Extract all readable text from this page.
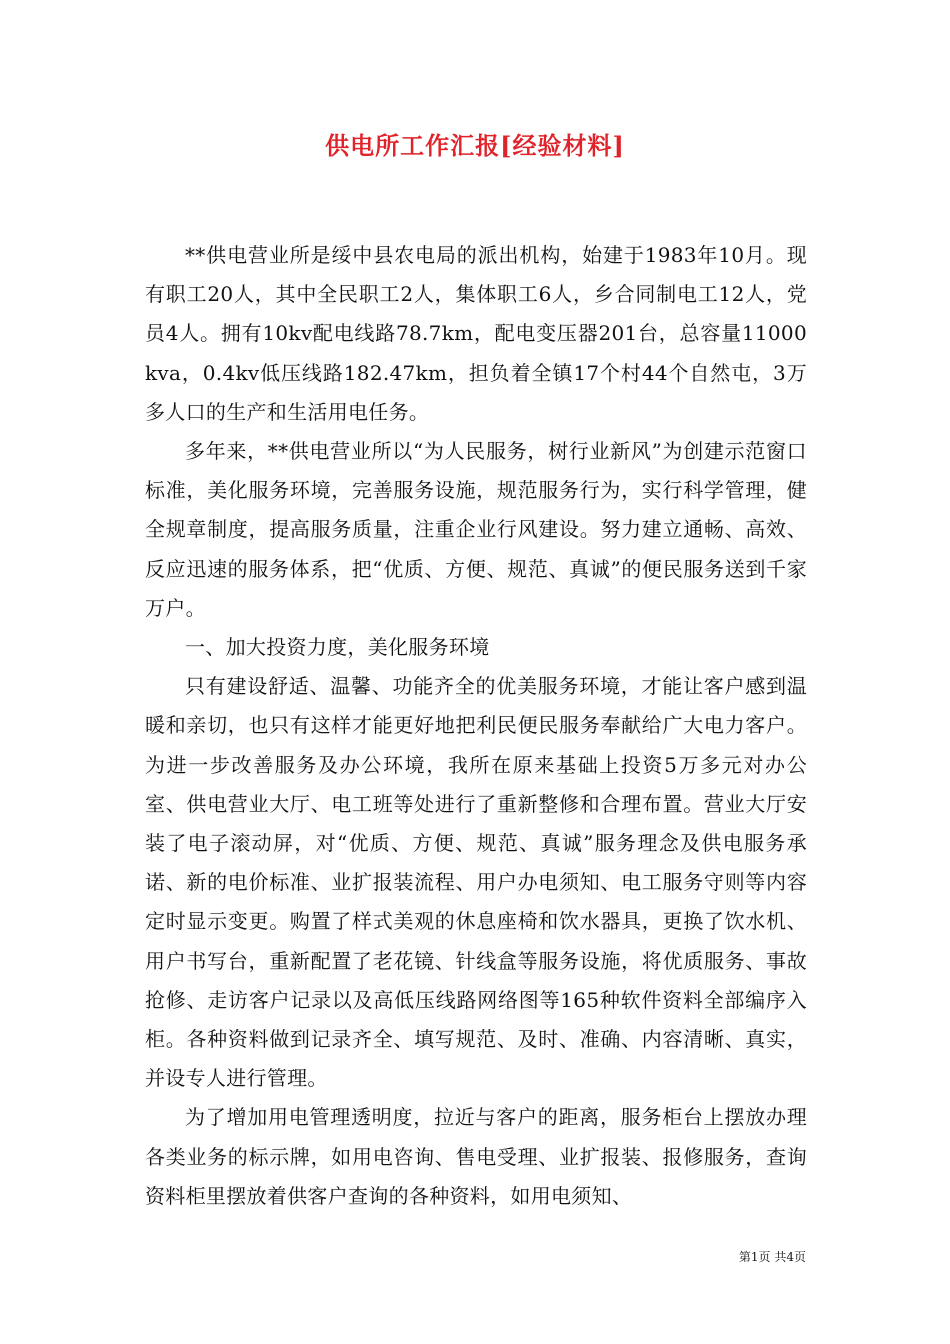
供电所工作汇报[经验材料]

**供电营业所是绥中县农电局的派出机构，始建于1983年10月。现有职工20人，其中全民职工2人，集体职工6人，乡合同制电工12人，党员4人。拥有10kv配电线路78.7km，配电变压器201台，总容量11000kva，0.4kv低压线路182.47km，担负着全镇17个村44个自然屯，3万多人口的生产和生活用电任务。

多年来，**供电营业所以“为人民服务，树行业新风”为创建示范窗口标准，美化服务环境，完善服务设施，规范服务行为，实行科学管理，健全规章制度，提高服务质量，注重企业行风建设。努力建立通畅、高效、反应迅速的服务体系，把“优质、方便、规范、真诚”的便民服务送到千家万户。

一、加大投资力度，美化服务环境

只有建设舒适、温馨、功能齐全的优美服务环境，才能让客户感到温暖和亲切，也只有这样才能更好地把利民便民服务奉献给广大电力客户。为进一步改善服务及办公环境，我所在原来基础上投资5万多元对办公室、供电营业大厅、电工班等处进行了重新整修和合理布置。营业大厅安装了电子滚动屏，对“优质、方便、规范、真诚”服务理念及供电服务承诺、新的电价标准、业扩报装流程、用户办电须知、电工服务守则等内容定时显示变更。购置了样式美观的休息座椅和饮水器具，更换了饮水机、用户书写台，重新配置了老花镜、针线盒等服务设施，将优质服务、事故抢修、走访客户记录以及高低压线路网络图等165种软件资料全部编序入柜。各种资料做到记录齐全、填写规范、及时、准确、内容清晰、真实，并设专人进行管理。

为了增加用电管理透明度，拉近与客户的距离，服务柜台上摆放办理各类业务的标示牌，如用电咨询、售电受理、业扩报装、报修服务，查询资料柜里摆放着供客户查询的各种资料，如用电须知、

第1页 共4页
